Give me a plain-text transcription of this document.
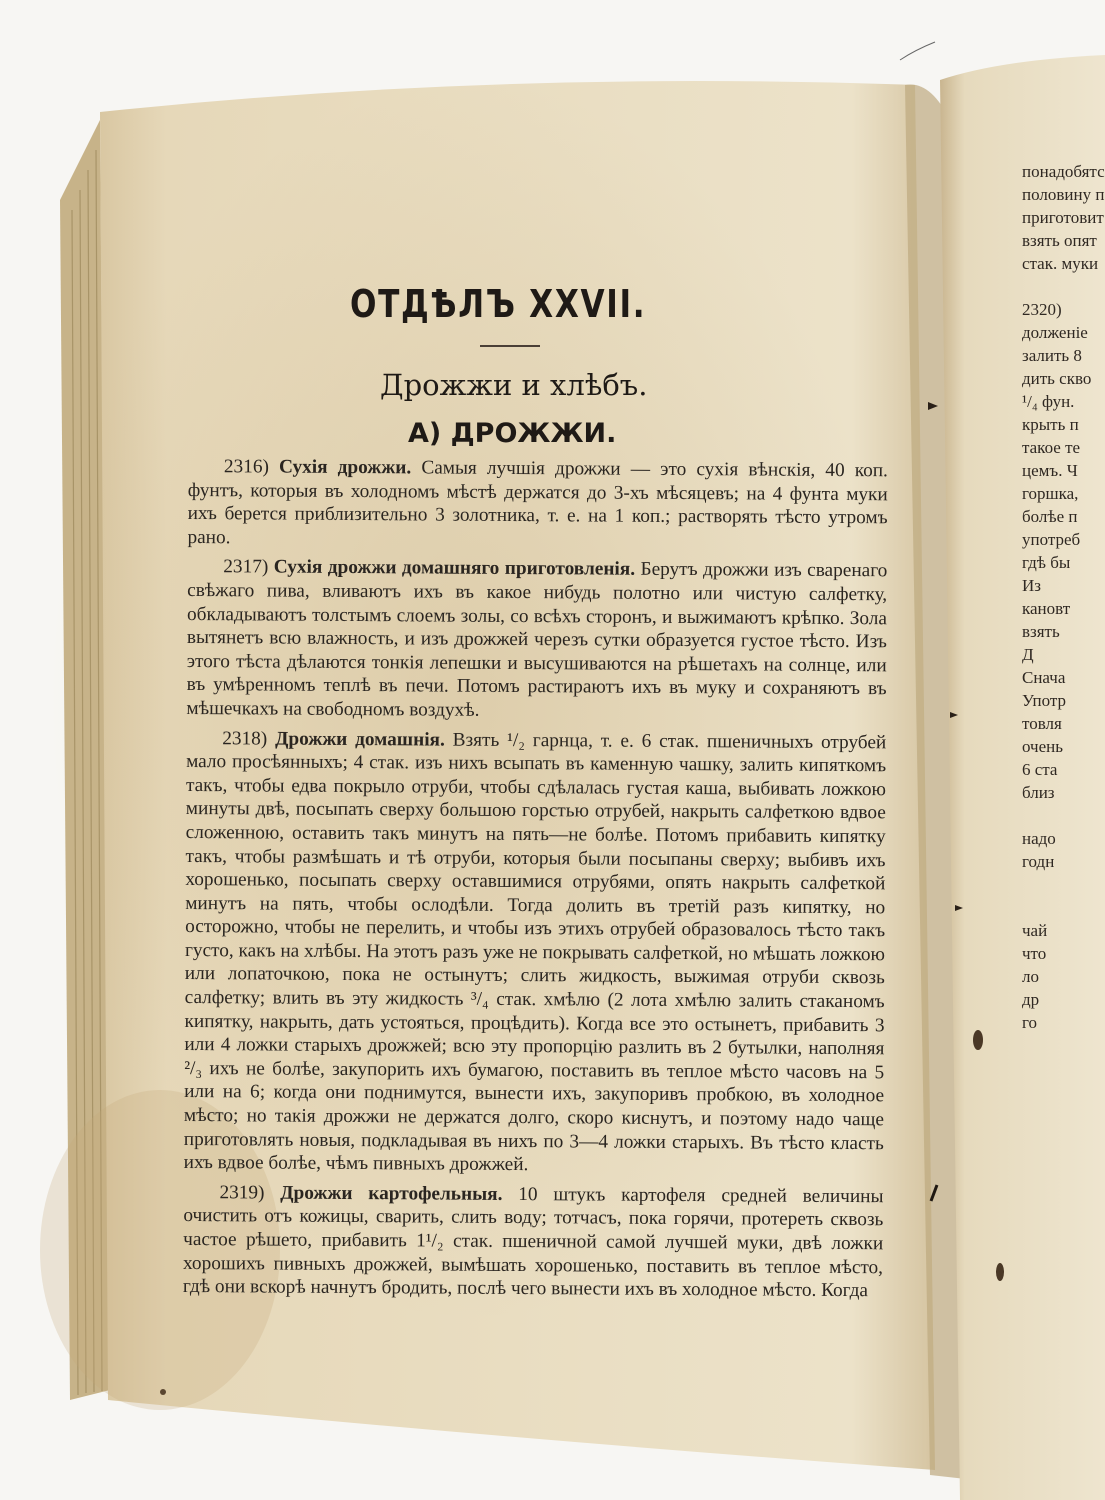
ОТДѢЛЪ XXVII.
Дрожжи и хлѣбъ.
А) ДРОЖЖИ.

2316) Сухія дрожжи. Самыя лучшія дрожжи — это сухія вѣнскія, 40 коп. фунтъ, которыя въ холодномъ мѣстѣ держатся до 3-хъ мѣсяцевъ; на 4 фунта муки ихъ берется приблизительно 3 золотника, т. е. на 1 коп.; растворять тѣсто утромъ рано.

2317) Сухія дрожжи домашняго приготовленія. Берутъ дрожжи изъ сваренаго свѣжаго пива, вливаютъ ихъ въ какое нибудь полотно или чистую салфетку, обкладываютъ толстымъ слоемъ золы, со всѣхъ сторонъ, и выжимаютъ крѣпко. Зола вытянетъ всю влажность, и изъ дрожжей черезъ сутки образуется густое тѣсто. Изъ этого тѣста дѣлаются тонкія лепешки и высушиваются на рѣшетахъ на солнце, или въ умѣренномъ теплѣ въ печи. Потомъ растираютъ ихъ въ муку и сохраняютъ въ мѣшечкахъ на свободномъ воздухѣ.

2318) Дрожжи домашнія. Взять ¹/₂ гарнца, т. е. 6 стак. пшеничныхъ отрубей мало просѣянныхъ; 4 стак. изъ нихъ всыпать въ каменную чашку, залить кипяткомъ такъ, чтобы едва покрыло отруби, чтобы сдѣлалась густая каша, выбивать ложкою минуты двѣ, посыпать сверху большою горстью отрубей, накрыть салфеткою вдвое сложенною, оставить такъ минутъ на пять—не болѣе. Потомъ прибавить кипятку такъ, чтобы размѣшать и тѣ отруби, которыя были посыпаны сверху; выбивъ ихъ хорошенько, посыпать сверху оставшимися отрубями, опять накрыть салфеткой минутъ на пять, чтобы ослодѣли. Тогда долить въ третій разъ кипятку, но осторожно, чтобы не перелить, и чтобы изъ этихъ отрубей образовалось тѣсто такъ густо, какъ на хлѣбы. На этотъ разъ уже не покрывать салфеткой, но мѣшать ложкою или лопаточкою, пока не остынутъ; слить жидкость, выжимая отруби сквозь салфетку; влить въ эту жидкость ³/₄ стак. хмѣлю (2 лота хмѣлю залить стаканомъ кипятку, накрыть, дать устояться, процѣдить). Когда все это остынетъ, прибавить 3 или 4 ложки старыхъ дрожжей; всю эту пропорцію разлить въ 2 бутылки, наполняя ²/₃ ихъ не болѣе, закупорить ихъ бумагою, поставить въ теплое мѣсто часовъ на 5 или на 6; когда они поднимутся, вынести ихъ, закупоривъ пробкою, въ холодное мѣсто; но такія дрожжи не держатся долго, скоро киснутъ, и поэтому надо чаще приготовлять новыя, подкладывая въ нихъ по 3—4 ложки старыхъ. Въ тѣсто класть ихъ вдвое болѣе, чѣмъ пивныхъ дрожжей.

2319) Дрожжи картофельныя. 10 штукъ картофеля средней величины очистить отъ кожицы, сварить, слить воду; тотчасъ, пока горячи, протереть сквозь частое рѣшето, прибавить 1¹/₂ стак. пшеничной самой лучшей муки, двѣ ложки хорошихъ пивныхъ дрожжей, вымѣшать хорошенько, поставить въ теплое мѣсто, гдѣ они вскорѣ начнутъ бродить, послѣ чего вынести ихъ въ холодное мѣсто. Когда

понадобятс
половину п
приготовит
взять опят
стак. муки
2320)
долженіе
залить 8
дить скво
¹/₄ фун.
крыть п
такое те
цемъ. Ч
горшка,
болѣе п
употреб
гдѣ бы
Из
кановт
взять
Д
Снача
Употр
товля
очень
6 ста
близ
надо
годн
чай
что
ло
др
го
